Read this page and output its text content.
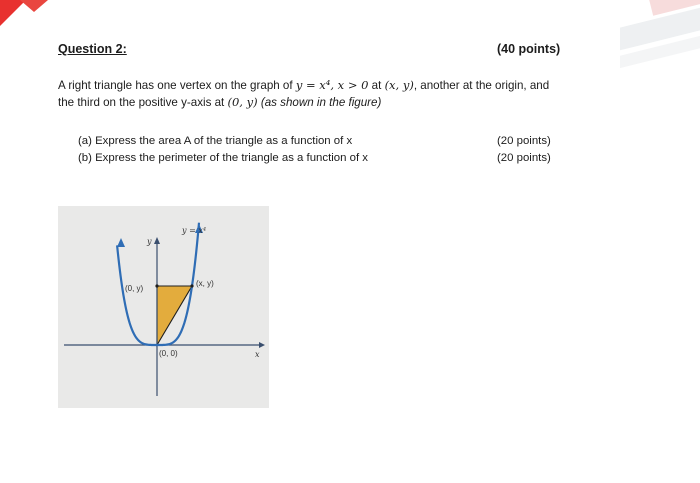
Question 2:	(40 points)
A right triangle has one vertex on the graph of y = x⁴, x > 0 at (x, y), another at the origin, and
the third on the positive y-axis at (0, y) (as shown in the figure)
(a) Express the area A of the triangle as a function of x
(b) Express the perimeter of the triangle as a function of x
(20 points)
(20 points)
y = x⁴
y
x
(0, y)
(x, y)
(0, 0)
